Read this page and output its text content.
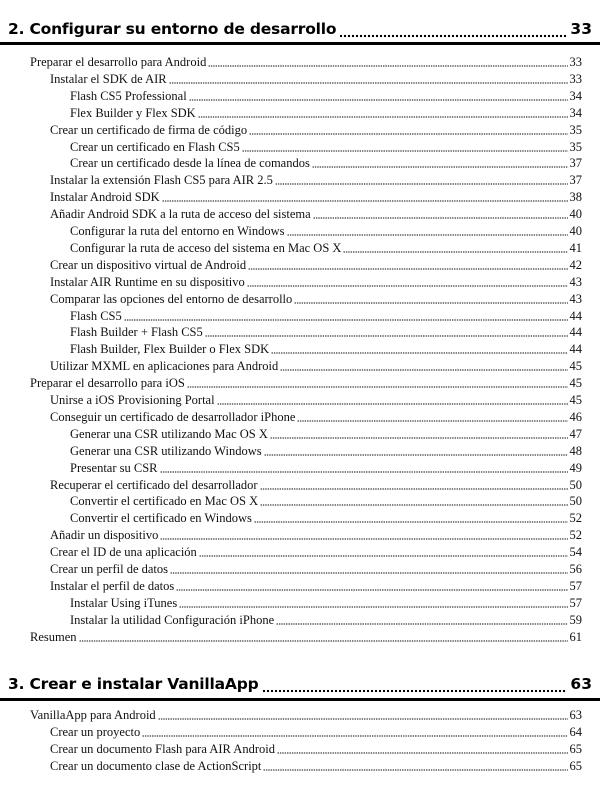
2. Configurar su entorno de desarrollo	33
Preparar el desarrollo para Android	33
Instalar el SDK de AIR	33
Flash CS5 Professional	34
Flex Builder y Flex SDK	34
Crear un certificado de firma de código	35
Crear un certificado en Flash CS5	35
Crear un certificado desde la línea de comandos	37
Instalar la extensión Flash CS5 para AIR 2.5	37
Instalar Android SDK	38
Añadir Android SDK a la ruta de acceso del sistema	40
Configurar la ruta del entorno en Windows	40
Configurar la ruta de acceso del sistema en Mac OS X	41
Crear un dispositivo virtual de Android	42
Instalar AIR Runtime en su dispositivo	43
Comparar las opciones del entorno de desarrollo	43
Flash CS5	44
Flash Builder + Flash CS5	44
Flash Builder, Flex Builder o Flex SDK	44
Utilizar MXML en aplicaciones para Android	45
Preparar el desarrollo para iOS	45
Unirse a iOS Provisioning Portal	45
Conseguir un certificado de desarrollador iPhone	46
Generar una CSR utilizando Mac OS X	47
Generar una CSR utilizando Windows	48
Presentar su CSR	49
Recuperar el certificado del desarrollador	50
Convertir el certificado en Mac OS X	50
Convertir el certificado en Windows	52
Añadir un dispositivo	52
Crear el ID de una aplicación	54
Crear un perfil de datos	56
Instalar el perfil de datos	57
Instalar Using iTunes	57
Instalar la utilidad Configuración iPhone	59
Resumen	61
3. Crear e instalar VanillaApp	63
VanillaApp para Android	63
Crear un proyecto	64
Crear un documento Flash para AIR Android	65
Crear un documento clase de ActionScript	65
